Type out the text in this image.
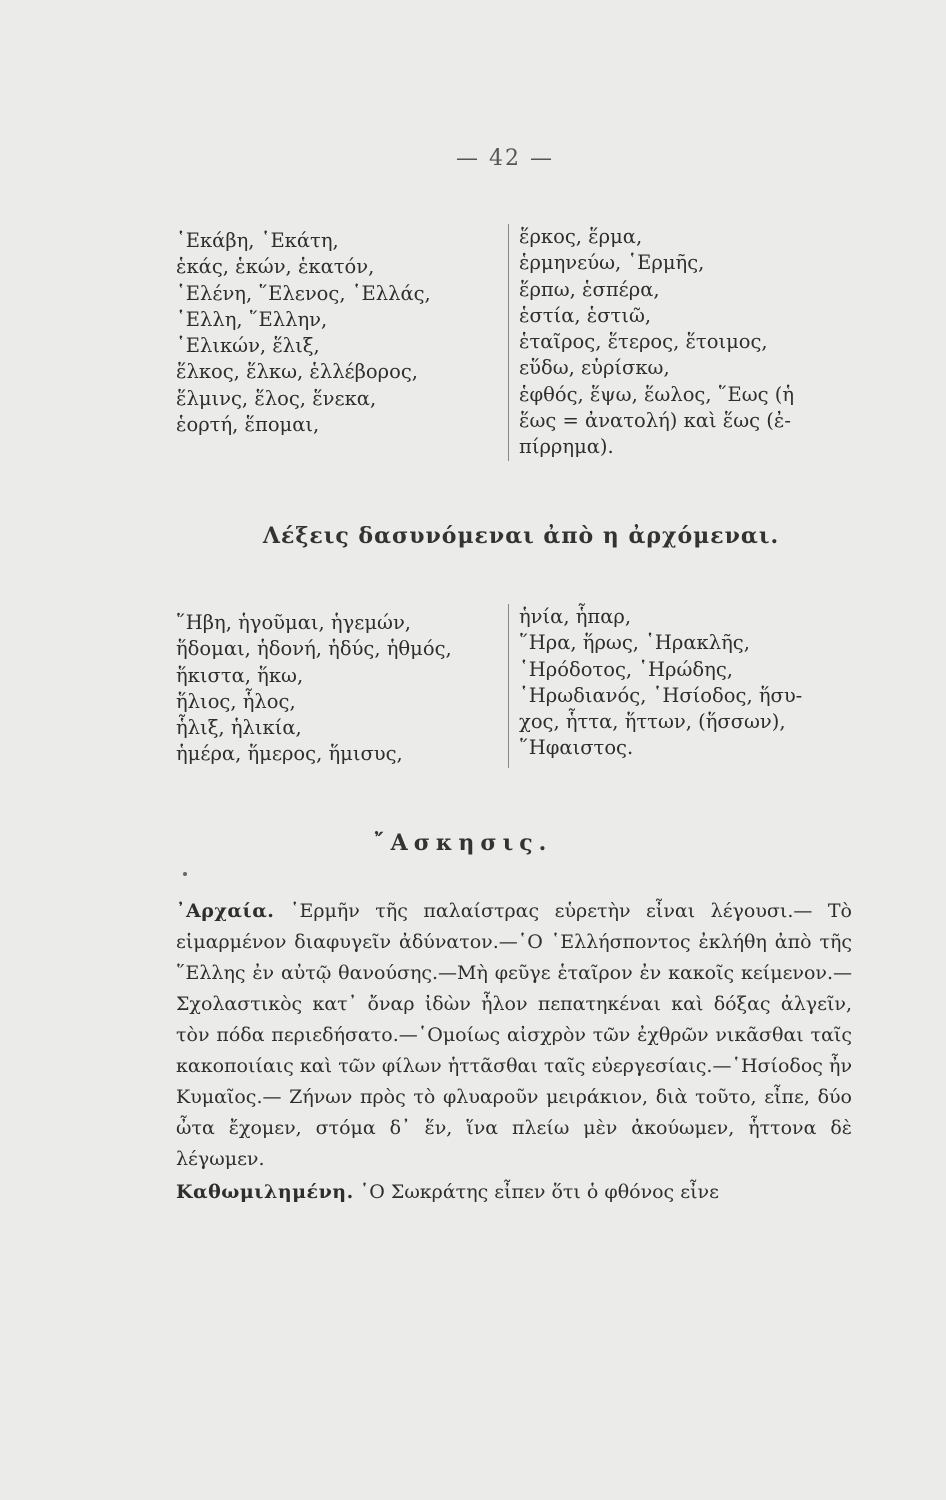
— 42 —
῾Εκάβη, ῾Εκάτη,
ἑκάς, ἑκών, ἑκατόν,
῾Ελένη, ῞Ελενος, ῾Ελλάς,
῾Ελλη, ῞Ελλην,
῾Ελικών, ἕλιξ,
ἕλκος, ἕλκω, ἑλλέβορος,
ἕλμινς, ἕλος, ἕνεκα,
ἑορτή, ἕπομαι,
ἕρκος, ἕρμα,
ἑρμηνεύω, ῾Ερμῆς,
ἕρπω, ἑσπέρα,
ἑστία, ἑστιῶ,
ἑταῖρος, ἕτερος, ἕτοιμος,
εὕδω, εὑρίσκω,
ἑφθός, ἕψω, ἕωλος, ῞Εως (ἡ
ἕως = ἀνατολή) καὶ ἕως (ἐ-
πίρρημα).
Λέξεις δασυνόμεναι ἀπὸ η ἀρχόμεναι.
῞Ηβη, ἡγοῦμαι, ἡγεμών,
ἥδομαι, ἡδονή, ἡδύς, ἡθμός,
ἥκιστα, ἥκω,
ἥλιος, ἧλος,
ἧλιξ, ἡλικία,
ἡμέρα, ἥμερος, ἥμισυς,
ἡνία, ἧπαρ,
῞Ηρα, ἥρως, ῾Ηρακλῆς,
῾Ηρόδοτος, ῾Ηρώδης,
῾Ηρωδιανός, ῾Ησίοδος, ἥσυ-
χος, ἧττα, ἥττων, (ἥσσων),
῞Ηφαιστος.
῎Ασκησις.

᾿Αρχαία. ῾Ερμῆν τῆς παλαίστρας εὑρετὴν εἶναι λέγουσι.— Τὸ εἱμαρμένον διαφυγεῖν ἀδύνατον.—῾Ο ῾Ελλήσποντος ἐκλήθη ἀπὸ τῆς ῞Ελλης ἐν αὐτῷ θανούσης.—Μὴ φεῦγε ἑταῖρον ἐν κακοῖς κείμενον.—Σχολαστικὸς κατ᾿ ὄναρ ἰδὼν ἧλον πεπατηκέναι καὶ δόξας ἀλγεῖν, τὸν πόδα περιεδήσατο.—῾Ομοίως αἰσχρὸν τῶν ἐχθρῶν νικᾶσθαι ταῖς κακοποιίαις καὶ τῶν φίλων ἡττᾶσθαι ταῖς εὐεργεσίαις.—῾Ησίοδος ἦν Κυμαῖος.— Ζήνων πρὸς τὸ φλυαροῦν μειράκιον, διὰ τοῦτο, εἶπε, δύο ὦτα ἔχομεν, στόμα δ᾿ ἕν, ἵνα πλείω μὲν ἀκούωμεν, ἧττονα δὲ λέγωμεν.

Καθωμιλημένη. ῾Ο Σωκράτης εἶπεν ὅτι ὁ φθόνος εἶνε
